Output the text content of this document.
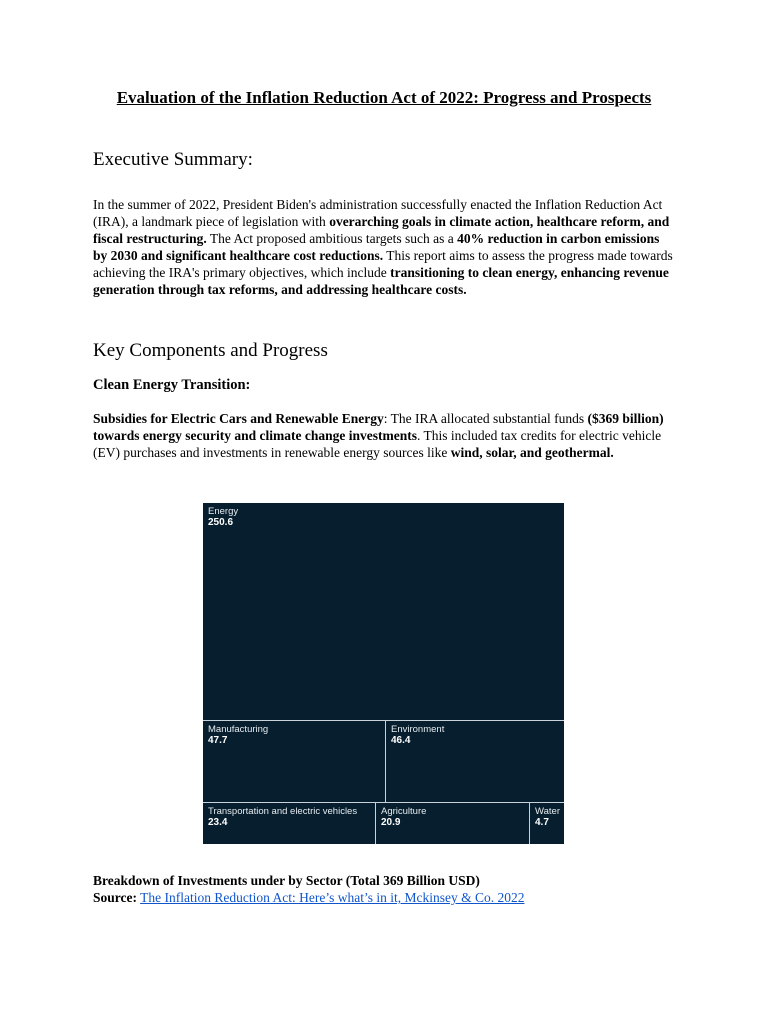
Evaluation of the Inflation Reduction Act of 2022: Progress and Prospects
Executive Summary:
In the summer of 2022, President Biden's administration successfully enacted the Inflation Reduction Act (IRA), a landmark piece of legislation with overarching goals in climate action, healthcare reform, and fiscal restructuring. The Act proposed ambitious targets such as a 40% reduction in carbon emissions by 2030 and significant healthcare cost reductions. This report aims to assess the progress made towards achieving the IRA's primary objectives, which include transitioning to clean energy, enhancing revenue generation through tax reforms, and addressing healthcare costs.
Key Components and Progress
Clean Energy Transition:
Subsidies for Electric Cars and Renewable Energy: The IRA allocated substantial funds ($369 billion) towards energy security and climate change investments. This included tax credits for electric vehicle (EV) purchases and investments in renewable energy sources like wind, solar, and geothermal.
Energy
250.6
Manufacturing
47.7
Environment
46.4
Transportation and electric vehicles
23.4
Agriculture
20.9
Water
4.7
Breakdown of Investments under by Sector (Total 369 Billion USD)
Source: The Inflation Reduction Act: Here’s what’s in it, Mckinsey & Co. 2022
